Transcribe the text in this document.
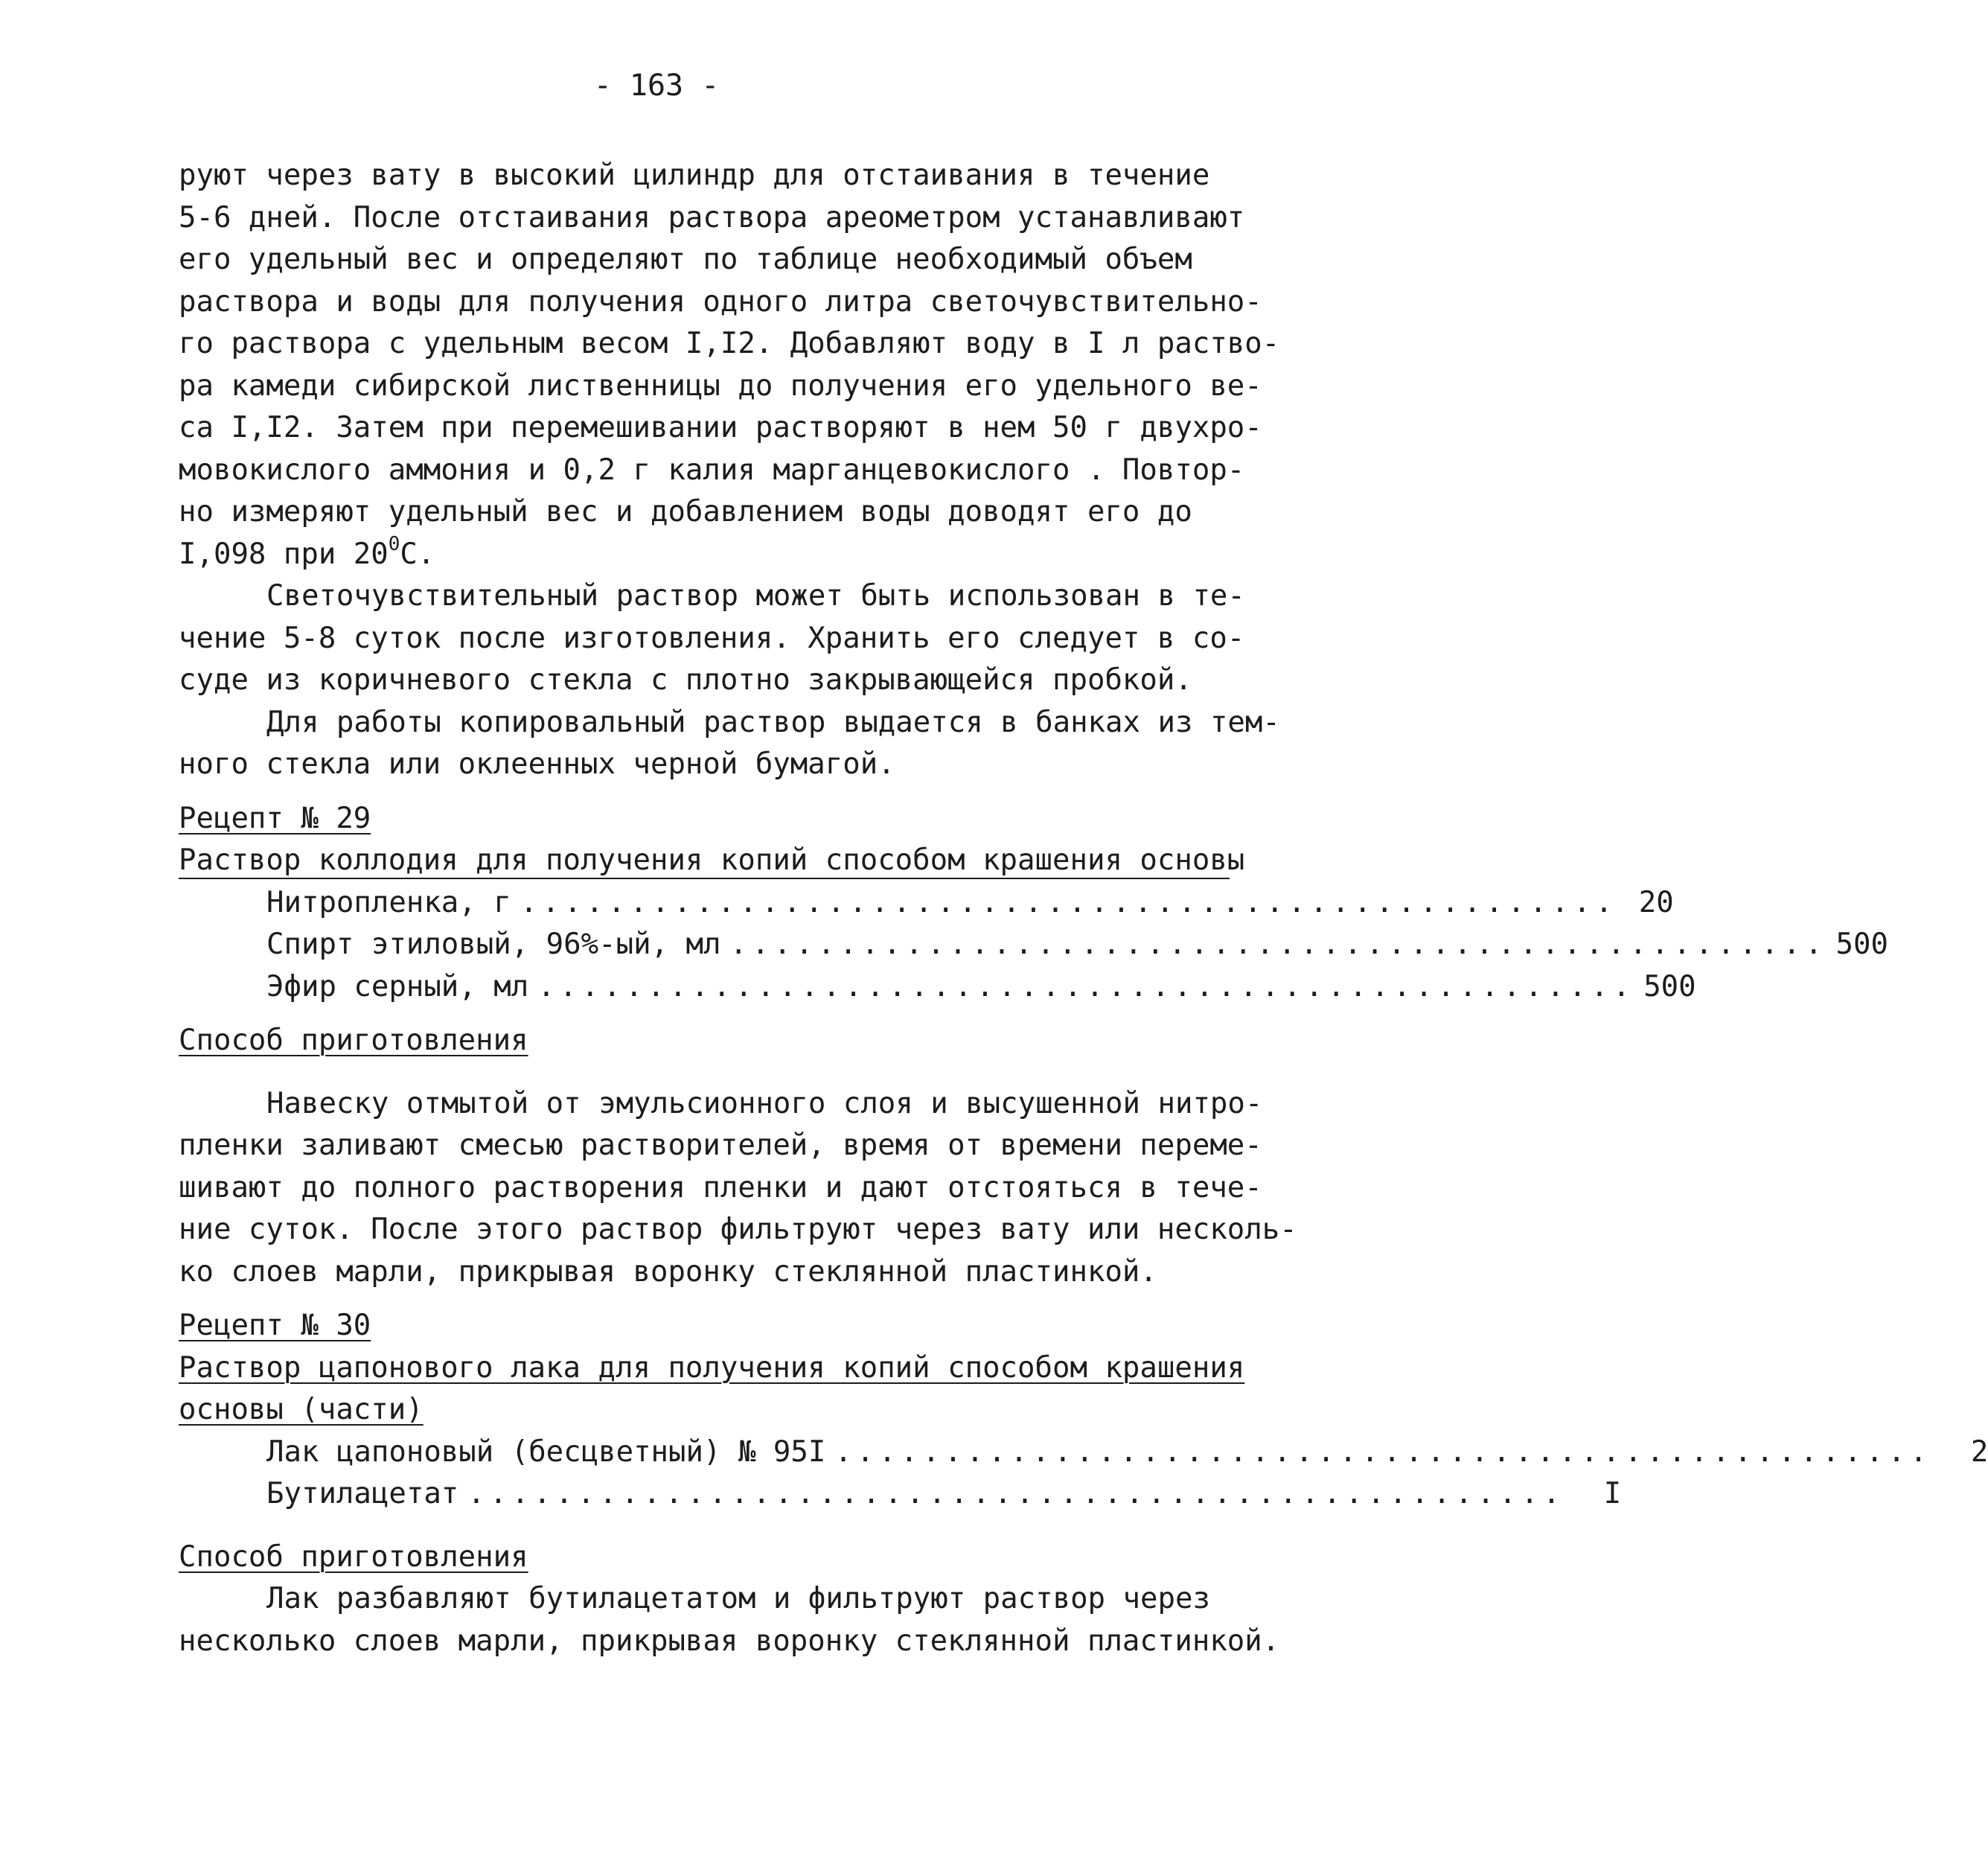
- 163 -

руют через вату в высокий цилиндр для отстаивания в течение

5-6 дней. После отстаивания раствора ареометром устанавливают

его удельный вес и определяют по таблице необходимый объем

раствора и воды для получения одного литра светочувствительно-

го раствора с удельным весом I,I2. Добавляют воду в I л раство-

ра камеди сибирской лиственницы до получения его удельного ве-

са I,I2. Затем при перемешивании растворяют в нем 50 г двухро-

мовокислого аммония и 0,2 г калия марганцевокислого . Повтор-

но измеряют удельный вес и добавлением воды доводят его до

I,098 при $20^0С$.

Светочувствительный раствор может быть использован в те-

чение 5-8 суток после изготовления. Хранить его следует в со-

суде из коричневого стекла с плотно закрывающейся пробкой.

Для работы копировальный раствор выдается в банках из тем-

ного стекла или оклеенных черной бумагой.

Рецепт № 29

Раствор коллодия для получения копий способом крашения основы

Нитропленка, г .................................................. 20
Спирт этиловый, 96%-ый, мл .................................................. 500
Эфир серный, мл .................................................. 500

Способ приготовления

Навеску отмытой от эмульсионного слоя и высушенной нитро-

пленки заливают смесью растворителей, время от времени переме-

шивают до полного растворения пленки и дают отстояться в тече-

ние суток. После этого раствор фильтруют через вату или несколь-

ко слоев марли, прикрывая воронку стеклянной пластинкой.

Рецепт № 30

Раствор цапонового лака для получения копий способом крашения

основы (части)

Лак цапоновый (бесцветный) № 95I ..................................................	2
Бутилацетат ..................................................	I

Способ приготовления

Лак разбавляют бутилацетатом и фильтруют раствор через

несколько слоев марли, прикрывая воронку стеклянной пластинкой.
